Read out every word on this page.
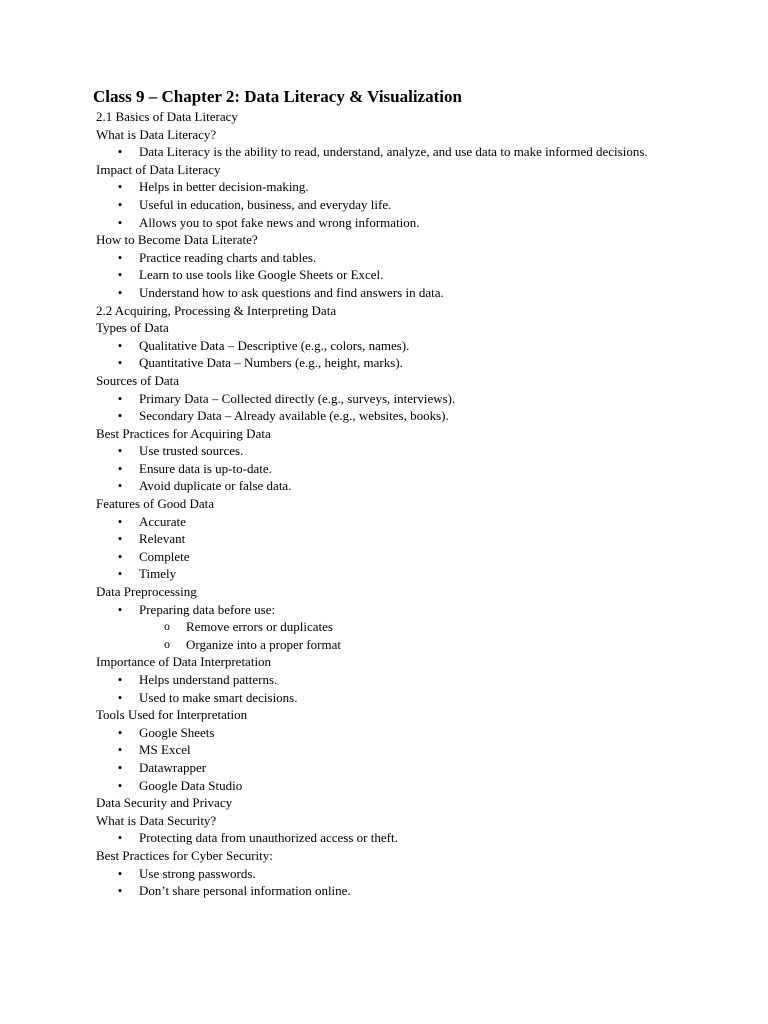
Class 9 – Chapter 2: Data Literacy & Visualization
2.1 Basics of Data Literacy
What is Data Literacy?
• Data Literacy is the ability to read, understand, analyze, and use data to make informed decisions.
Impact of Data Literacy
• Helps in better decision-making.
• Useful in education, business, and everyday life.
• Allows you to spot fake news and wrong information.
How to Become Data Literate?
• Practice reading charts and tables.
• Learn to use tools like Google Sheets or Excel.
• Understand how to ask questions and find answers in data.
2.2 Acquiring, Processing & Interpreting Data
Types of Data
• Qualitative Data – Descriptive (e.g., colors, names).
• Quantitative Data – Numbers (e.g., height, marks).
Sources of Data
• Primary Data – Collected directly (e.g., surveys, interviews).
• Secondary Data – Already available (e.g., websites, books).
Best Practices for Acquiring Data
• Use trusted sources.
• Ensure data is up-to-date.
• Avoid duplicate or false data.
Features of Good Data
• Accurate
• Relevant
• Complete
• Timely
Data Preprocessing
• Preparing data before use:
o Remove errors or duplicates
o Organize into a proper format
Importance of Data Interpretation
• Helps understand patterns.
• Used to make smart decisions.
Tools Used for Interpretation
• Google Sheets
• MS Excel
• Datawrapper
• Google Data Studio
Data Security and Privacy
What is Data Security?
• Protecting data from unauthorized access or theft.
Best Practices for Cyber Security:
• Use strong passwords.
• Don’t share personal information online.
